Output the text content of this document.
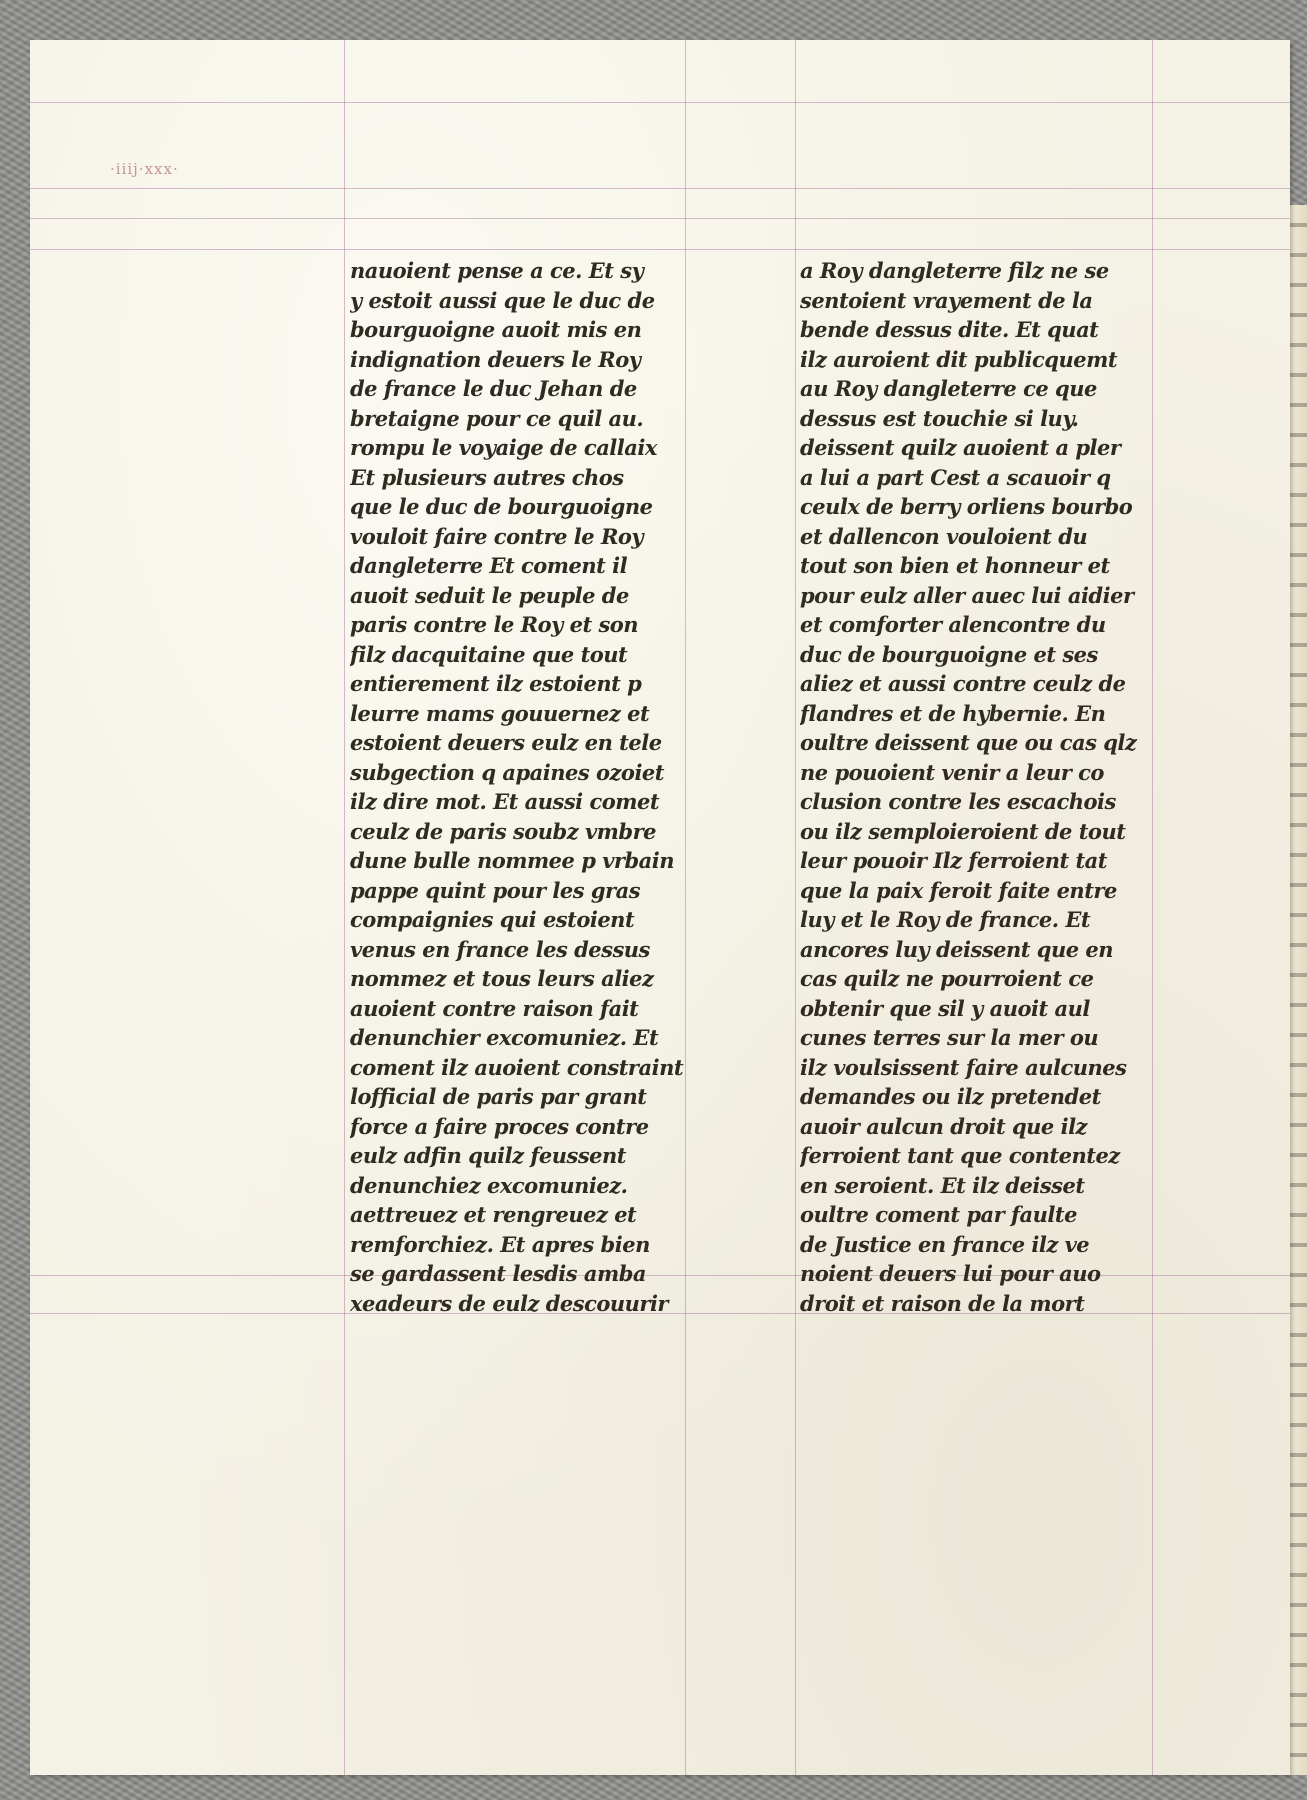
·iiij·xxx·
nauoient pense a ce. Et sy
y estoit aussi que le duc de
bourguoigne auoit mis en
indignation deuers le Roy
de france le duc Jehan de
bretaigne pour ce quil au.
rompu le voyaige de callaix
Et plusieurs autres chos
que le duc de bourguoigne
vouloit faire contre le Roy
dangleterre Et coment il
auoit seduit le peuple de
paris contre le Roy et son
filz dacquitaine que tout
entierement ilz estoient p
leurre mams gouuernez et
estoient deuers eulz en tele
subgection q apaines ozoiet
ilz dire mot. Et aussi comet
ceulz de paris soubz vmbre
dune bulle nommee p vrbain
pappe quint pour les gras
compaignies qui estoient
venus en france les dessus
nommez et tous leurs aliez
auoient contre raison fait
denunchier excomuniez. Et
coment ilz auoient constraint
lofficial de paris par grant
force a faire proces contre
eulz adfin quilz feussent
denunchiez excomuniez.
aettreuez et rengreuez et
remforchiez. Et apres bien
se gardassent lesdis amba
xeadeurs de eulz descouurir
a Roy dangleterre filz ne se
sentoient vrayement de la
bende dessus dite. Et quat
ilz auroient dit publicquemt
au Roy dangleterre ce que
dessus est touchie si luy.
deissent quilz auoient a pler
a lui a part Cest a scauoir q
ceulx de berry orliens bourbo
et dallencon vouloient du
tout son bien et honneur et
pour eulz aller auec lui aidier
et comforter alencontre du
duc de bourguoigne et ses
aliez et aussi contre ceulz de
flandres et de hybernie. En
oultre deissent que ou cas qlz
ne pouoient venir a leur co
clusion contre les escachois
ou ilz semploieroient de tout
leur pouoir Ilz ferroient tat
que la paix feroit faite entre
luy et le Roy de france. Et
ancores luy deissent que en
cas quilz ne pourroient ce
obtenir que sil y auoit aul
cunes terres sur la mer ou
ilz voulsissent faire aulcunes
demandes ou ilz pretendet
auoir aulcun droit que ilz
ferroient tant que contentez
en seroient. Et ilz deisset
oultre coment par faulte
de Justice en france ilz ve
noient deuers lui pour auo
droit et raison de la mort
